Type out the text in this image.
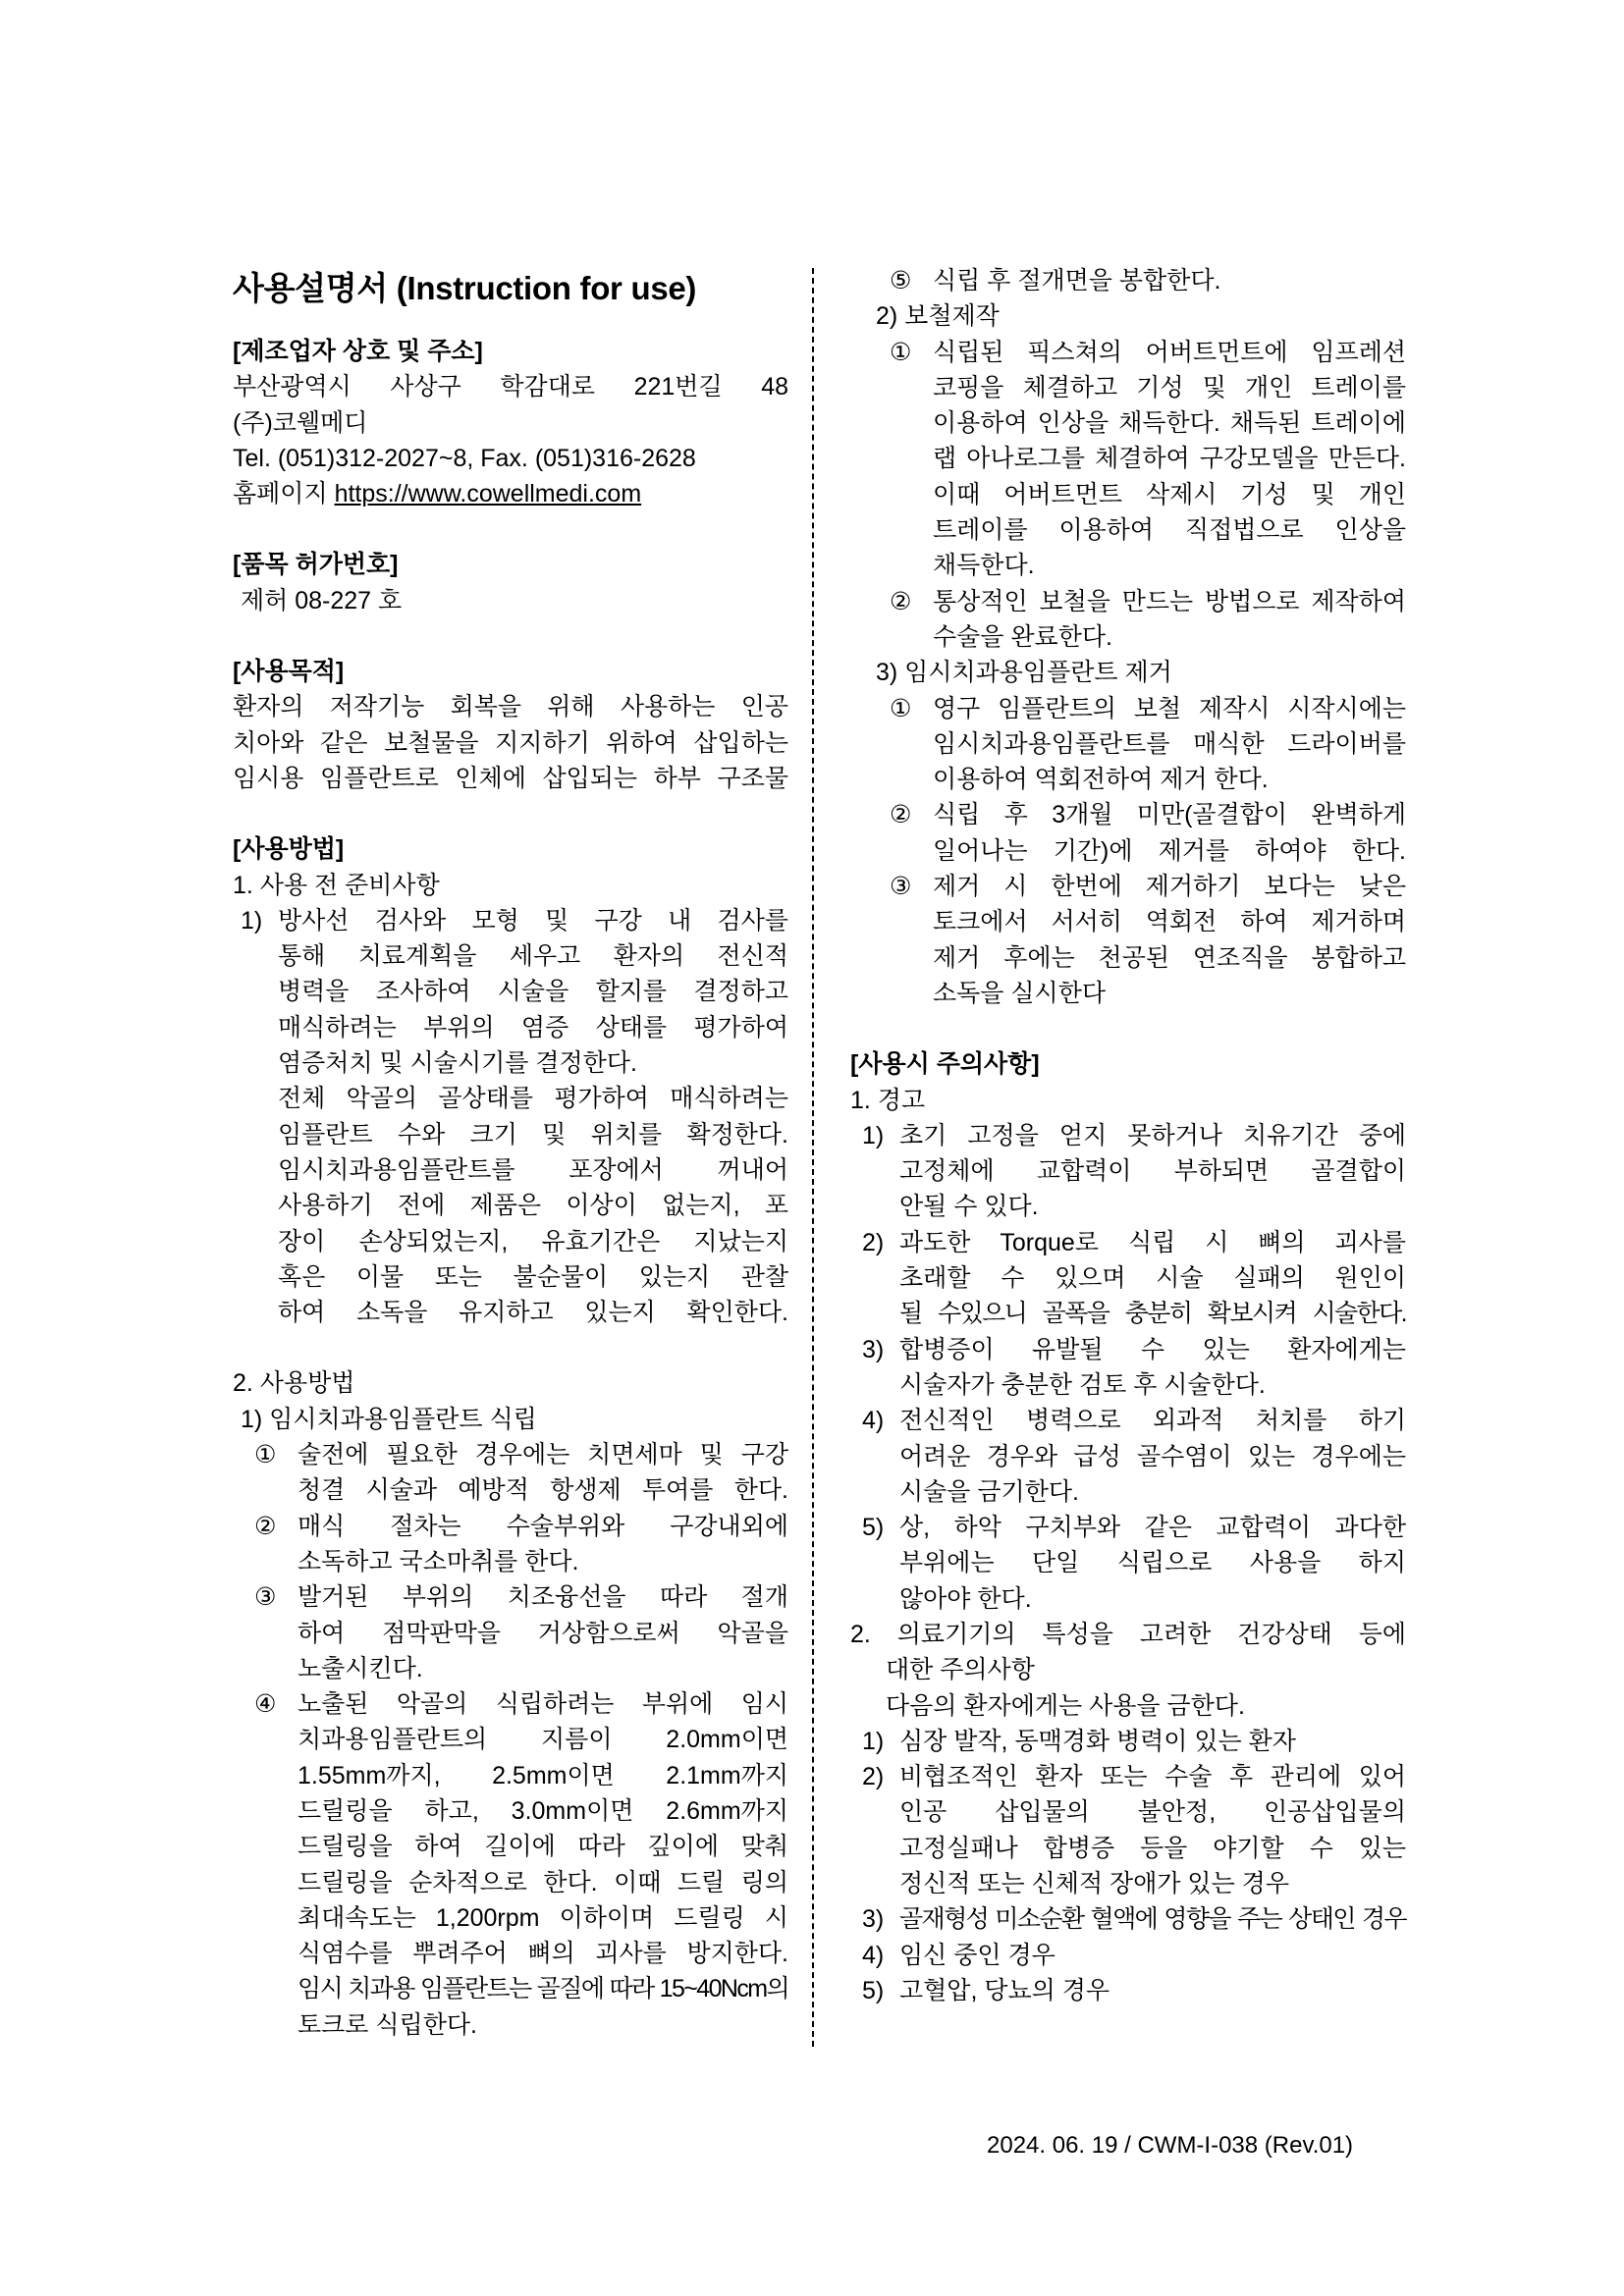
사용설명서 (Instruction for use)
[제조업자 상호 및 주소]
부산광역시 사상구 학감대로 221번길 48
(주)코웰메디
Tel. (051)312-2027~8, Fax. (051)316-2628
홈페이지 https://www.cowellmedi.com
[품목 허가번호]
제허 08-227 호
[사용목적]
환자의 저작기능 회복을 위해 사용하는 인공
치아와 같은 보철물을 지지하기 위하여 삽입하는
임시용 임플란트로 인체에 삽입되는 하부 구조물
[사용방법]
1. 사용 전 준비사항
1) 방사선 검사와 모형 및 구강 내 검사를
통해 치료계획을 세우고 환자의 전신적
병력을 조사하여 시술을 할지를 결정하고
매식하려는 부위의 염증 상태를 평가하여
염증처치 및 시술시기를 결정한다.
전체 악골의 골상태를 평가하여 매식하려는
임플란트 수와 크기 및 위치를 확정한다.
임시치과용임플란트를 포장에서 꺼내어
사용하기 전에 제품은 이상이 없는지, 포
장이 손상되었는지, 유효기간은 지났는지
혹은 이물 또는 불순물이 있는지 관찰
하여 소독을 유지하고 있는지 확인한다.
2. 사용방법
1) 임시치과용임플란트 식립
① 술전에 필요한 경우에는 치면세마 및 구강
청결 시술과 예방적 항생제 투여를 한다.
② 매식 절차는 수술부위와 구강내외에
소독하고 국소마취를 한다.
③ 발거된 부위의 치조융선을 따라 절개
하여 점막판막을 거상함으로써 악골을
노출시킨다.
④ 노출된 악골의 식립하려는 부위에 임시
치과용임플란트의 지름이 2.0mm이면
1.55mm까지, 2.5mm이면 2.1mm까지
드릴링을 하고, 3.0mm이면 2.6mm까지
드릴링을 하여 길이에 따라 깊이에 맞춰
드릴링을 순차적으로 한다. 이때 드릴 링의
최대속도는 1,200rpm 이하이며 드릴링 시
식염수를 뿌려주어 뼈의 괴사를 방지한다.
임시 치과용 임플란트는 골질에 따라 15~40Ncm의
토크로 식립한다.
⑤ 식립 후 절개면을 봉합한다.
2) 보철제작
① 식립된 픽스쳐의 어버트먼트에 임프레션
코핑을 체결하고 기성 및 개인 트레이를
이용하여 인상을 채득한다. 채득된 트레이에
랩 아나로그를 체결하여 구강모델을 만든다.
이때 어버트먼트 삭제시 기성 및 개인
트레이를 이용하여 직접법으로 인상을
채득한다.
② 통상적인 보철을 만드는 방법으로 제작하여
수술을 완료한다.
3) 임시치과용임플란트 제거
① 영구 임플란트의 보철 제작시 시작시에는
임시치과용임플란트를 매식한 드라이버를
이용하여 역회전하여 제거 한다.
② 식립 후 3개월 미만(골결합이 완벽하게
일어나는 기간)에 제거를 하여야 한다.
③ 제거 시 한번에 제거하기 보다는 낮은
토크에서 서서히 역회전 하여 제거하며
제거 후에는 천공된 연조직을 봉합하고
소독을 실시한다
[사용시 주의사항]
1. 경고
1) 초기 고정을 얻지 못하거나 치유기간 중에
고정체에 교합력이 부하되면 골결합이
안될 수 있다.
2) 과도한 Torque로 식립 시 뼈의 괴사를
초래할 수 있으며 시술 실패의 원인이
될 수있으니 골폭을 충분히 확보시켜 시술한다.
3) 합병증이 유발될 수 있는 환자에게는
시술자가 충분한 검토 후 시술한다.
4) 전신적인 병력으로 외과적 처치를 하기
어려운 경우와 급성 골수염이 있는 경우에는
시술을 금기한다.
5) 상, 하악 구치부와 같은 교합력이 과다한
부위에는 단일 식립으로 사용을 하지
않아야 한다.
2. 의료기기의 특성을 고려한 건강상태 등에
대한 주의사항
다음의 환자에게는 사용을 금한다.
1) 심장 발작, 동맥경화 병력이 있는 환자
2) 비협조적인 환자 또는 수술 후 관리에 있어
인공 삽입물의 불안정, 인공삽입물의
고정실패나 합병증 등을 야기할 수 있는
정신적 또는 신체적 장애가 있는 경우
3) 골재형성 미소순환 혈액에 영향을 주는 상태인 경우
4) 임신 중인 경우
5) 고혈압, 당뇨의 경우
2024. 06. 19 / CWM-I-038 (Rev.01)
